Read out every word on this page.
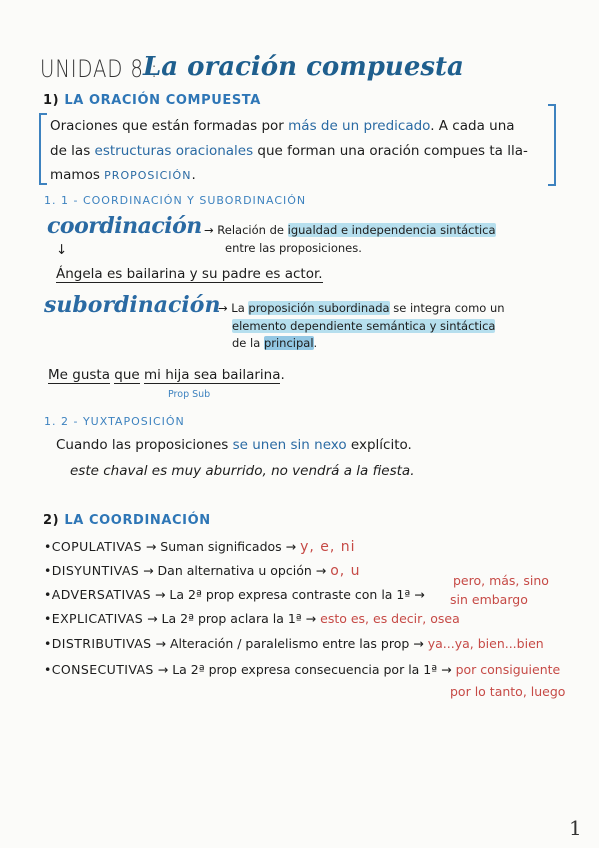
UNIDAD 8 :
La oración compuesta
1) LA ORACIÓN COMPUESTA
Oraciones que están formadas por más de un predicado. A cada una
de las estructuras oracionales que forman una oración compues ta lla-
mamos PROPOSICIÓN.
1. 1 - COORDINACIÓN Y SUBORDINACIÓN
coordinación → Relación de igualdad e independencia sintáctica
entre las proposiciones.
↓
Ángela es bailarina y su padre es actor.
subordinación
→ La proposición subordinada se integra como un
elemento dependiente semántica y sintáctica
de la principal.
Me gusta que mi hija sea bailarina.
Prop Sub
1. 2 - YUXTAPOSICIÓN
Cuando las proposiciones se unen sin nexo explícito.
este chaval es muy aburrido, no vendrá a la fiesta.
2) LA COORDINACIÓN
•COPULATIVAS → Suman significados → y, e, ni
•DISYUNTIVAS → Dan alternativa u opción → o, u
•ADVERSATIVAS → La 2ª prop expresa contraste con la 1ª →
pero, más, sino
sin embargo
•EXPLICATIVAS → La 2ª prop aclara la 1ª → esto es, es decir, osea
•DISTRIBUTIVAS → Alteración / paralelismo entre las prop → ya...ya, bien...bien
•CONSECUTIVAS → La 2ª prop expresa consecuencia por la 1ª → por consiguiente
por lo tanto, luego
1
